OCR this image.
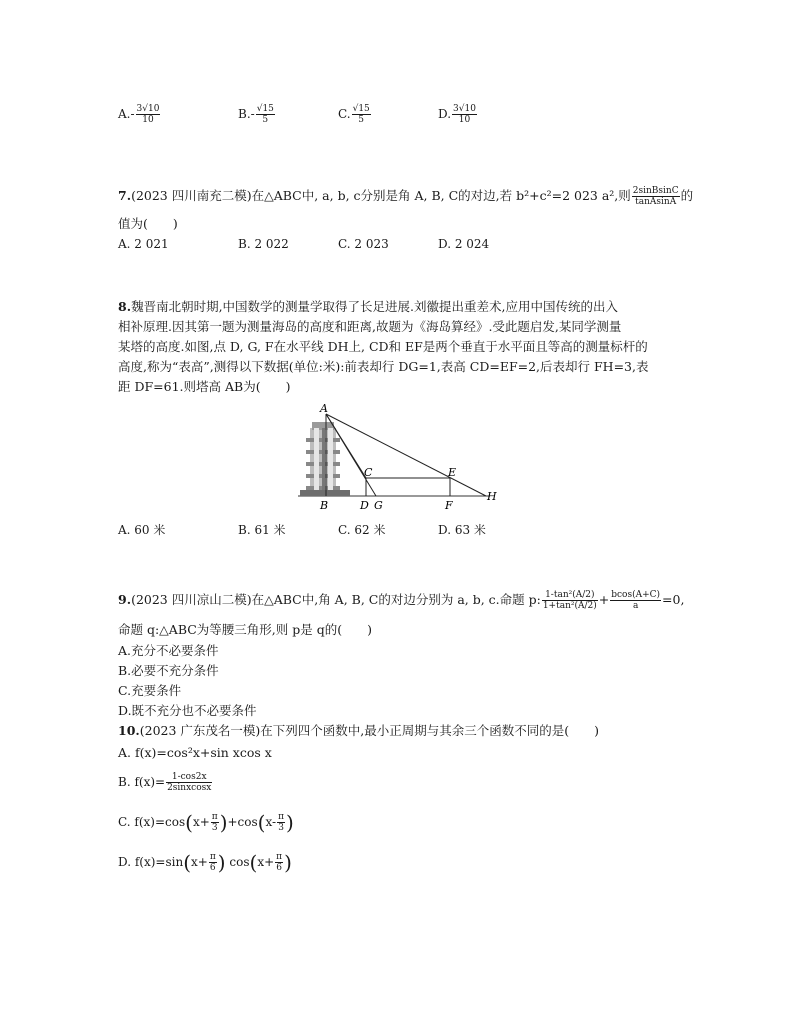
$A.- \frac{3√10}{10}$	$B.- \frac{√15}{5}$	C. $\frac{√15}{5}$	D. $\frac{3√10}{10}$
7.(2023 四川南充二模)在△ABC中, a, b, c分别是角 A, B, C的对边,若 b²+c²=2 023 a²,则 $\frac{\text{2sinBsinC}}{\text{tanAsinA}}$ 的
值为(　　)
A. 2 021	B. 2 022	C. 2 023	D. 2 024
8.魏晋南北朝时期,中国数学的测量学取得了长足进展.刘徽提出重差术,应用中国传统的出入
相补原理.因其第一题为测量海岛的高度和距离,故题为《海岛算经》.受此题启发,某同学测量
某塔的高度.如图,点 D, G, F在水平线 DH上, CD和 EF是两个垂直于水平面且等高的测量标杆的
高度,称为“表高”,测得以下数据(单位:米):前表却行 DG=1,表高 CD=EF=2,后表却行 FH=3,表
距 DF=61.则塔高 AB为(　　)
A
B
C
D G
E
F
H
A. 60 米	B. 61 米	C. 62 米	D. 63 米
9.(2023 四川凉山二模)在△ABC中,角 A, B, C的对边分别为 a, b, c.命题 p: $\frac{\text{1-tan²(A/2)}}{\text{1+tan²(A/2)}} + \frac{bcos(A+C)}{a} =0$,
命题 q:△ABC为等腰三角形,则 p是 q的(　　)
A.充分不必要条件
B.必要不充分条件
C.充要条件
D.既不充分也不必要条件
10.(2023 广东茂名一模)在下列四个函数中,最小正周期与其余三个函数不同的是(　　)
A. f(x)=cos²x+sin xcos x
B. $f(x)= \frac{1-\cos 2x}{\text{2sinxcosx}}$
C. $f(x)=\cos(x+ \frac{\pi}{3} )+\cos(x- \frac{\pi}{3}$ )
D. $f(x)=\sin(x+ \frac{\pi}{6}$ ) $\cos(x+ \frac{\pi}{6}$ )
